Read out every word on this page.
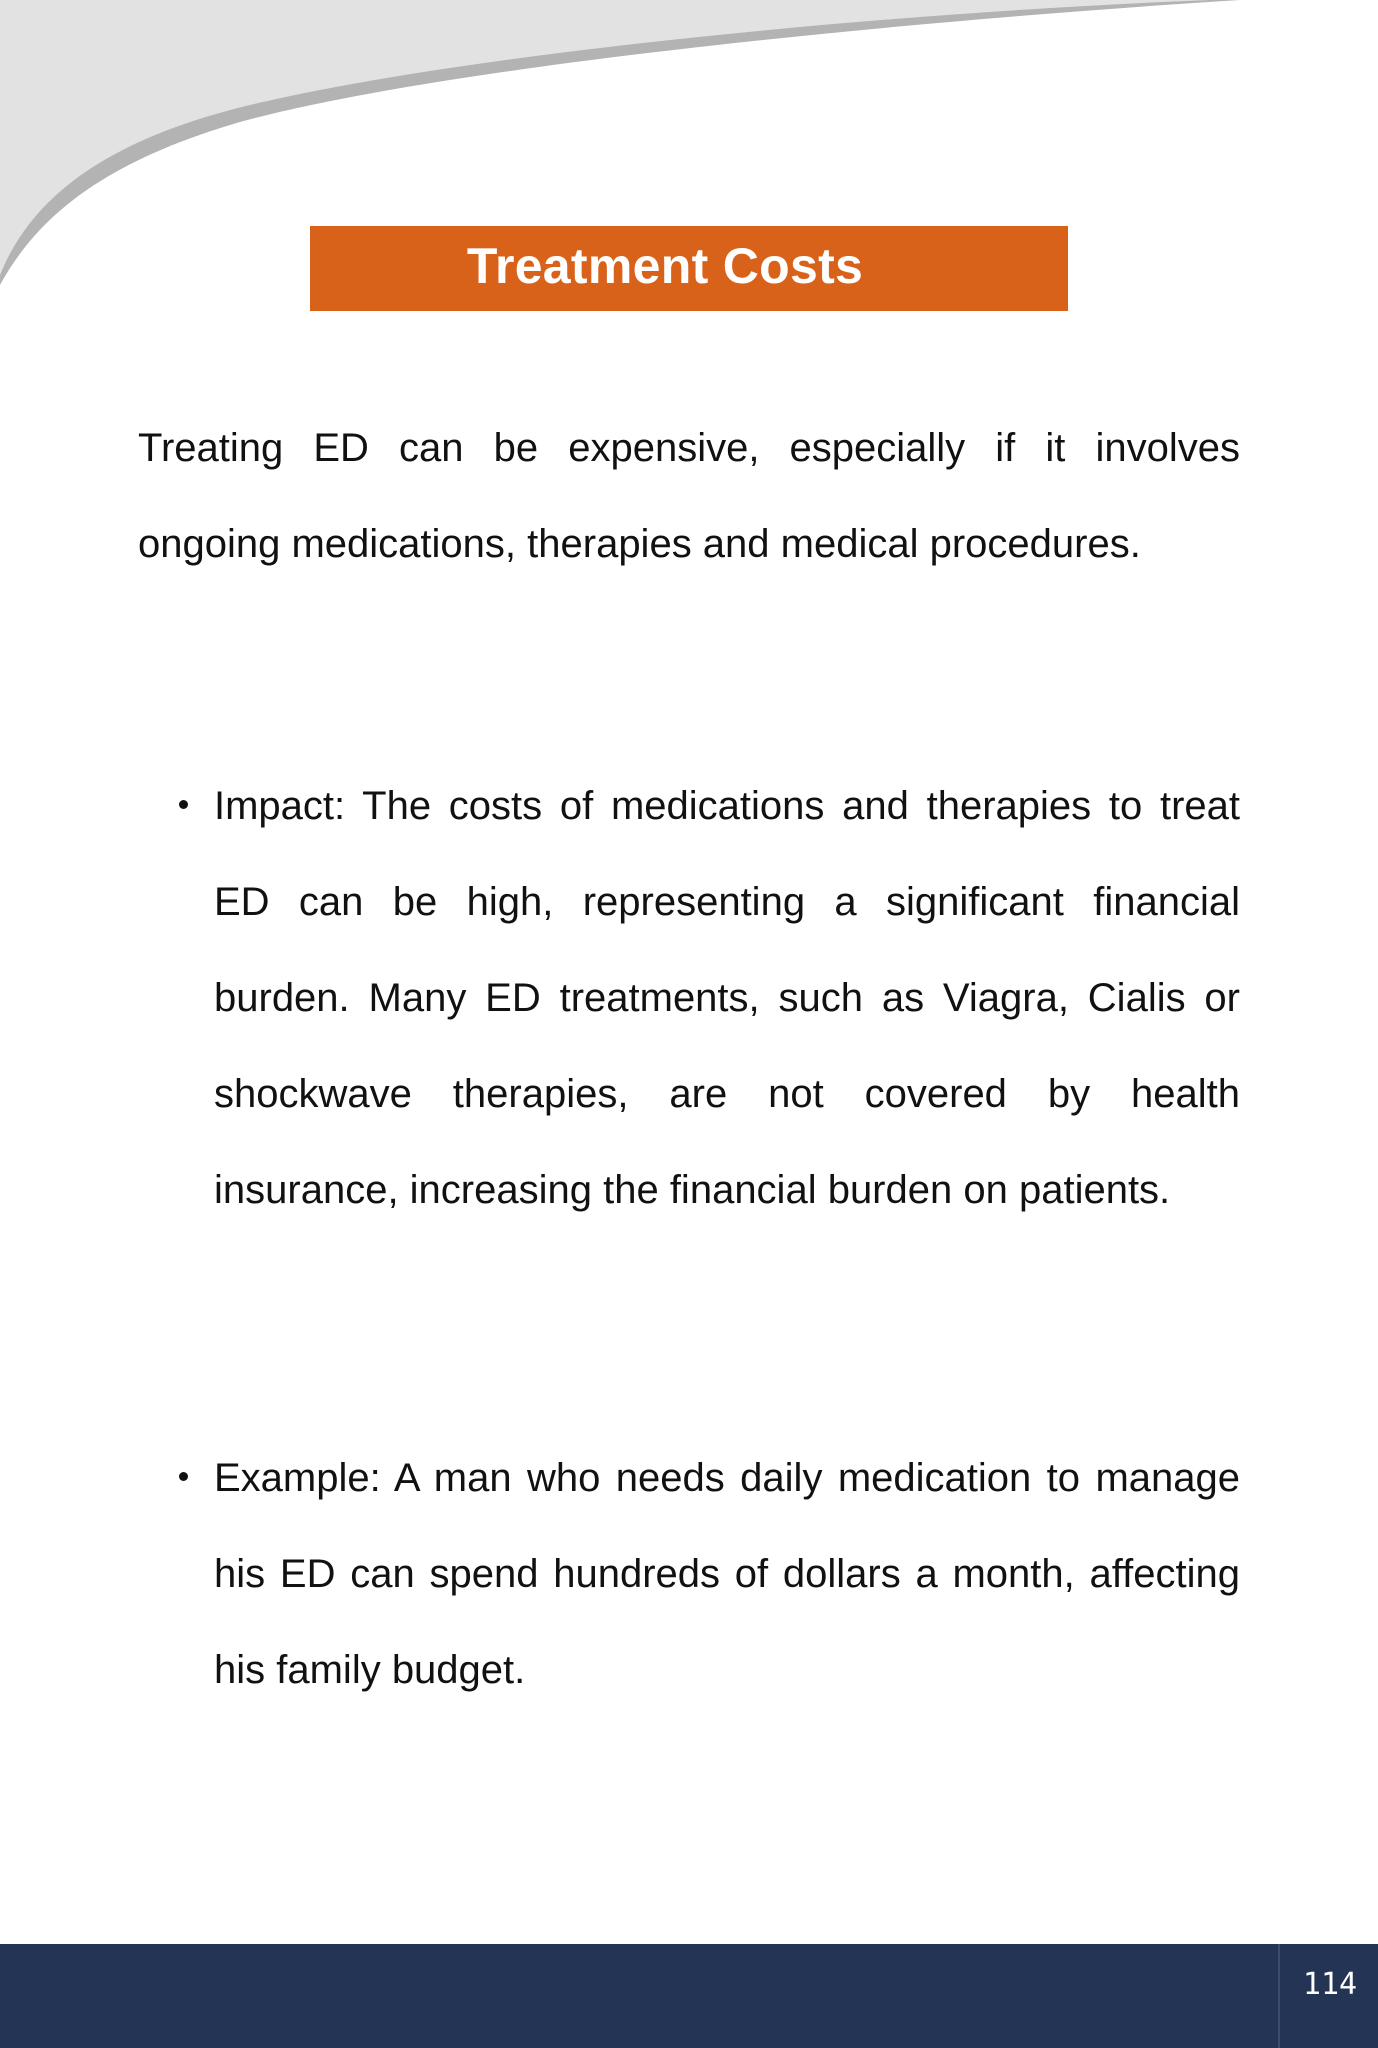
Treatment Costs

Treating ED can be expensive, especially if it involves ongoing medications, therapies and medical procedures.

Impact: The costs of medications and therapies to treat ED can be high, representing a significant financial burden. Many ED treatments, such as Viagra, Cialis or shockwave therapies, are not covered by health insurance, increasing the financial burden on patients.
Example: A man who needs daily medication to manage his ED can spend hundreds of dollars a month, affecting his family budget.
114
